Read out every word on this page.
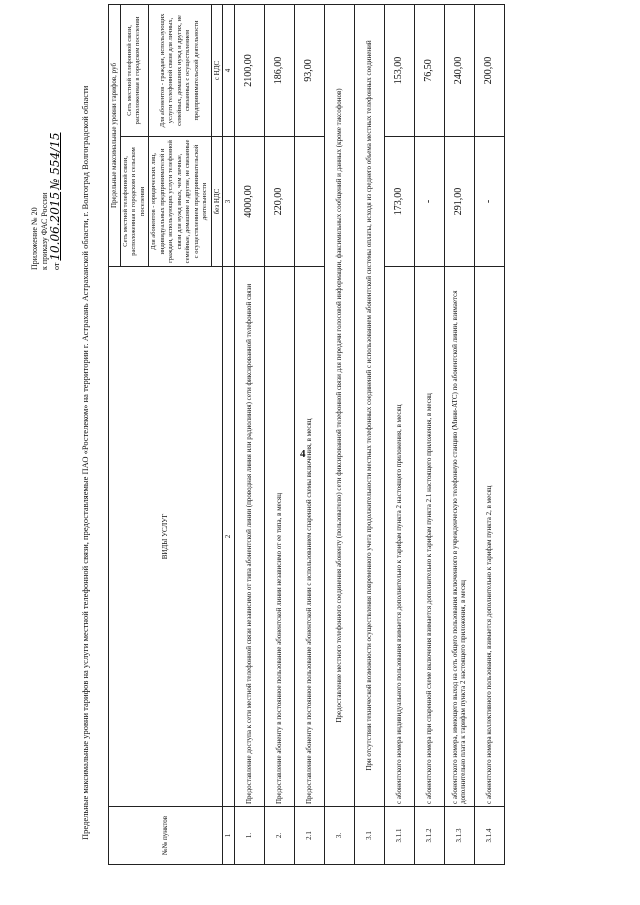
4
Приложение № 20 к приказу ФАС России от 10.06.2015 № 554/15 Предельные максимальные уровни тарифов на услуги местной телефонной связи, предоставляемые ПАО «Ростелеком» на территории г. Астрахань Астраханской области, г. Волгоград Волгоградской области	№№ пунктов	ВИДЫ УСЛУГ	Предельные максимальные уровни тарифов, руб	
		Сеть местной телефонной связи, расположенная в городском и сельском поселении	Сеть местной телефонной связи, расположенная в городском поселении
		Для абонентов - юридических лиц, индивидуальных предпринимателей и граждан, использующих услуги телефонной связи для нужд иных, чем личные, семейные, домашние и другие, не связанные с осуществлением предпринимательской деятельности	Для абонентов - граждан, использующих услуги телефонной связи для личных, семейных, домашних нужд и других, не связанных с осуществлением предпринимательской деятельности
		без НДС	с НДС
1	2	3	4
1.	Предоставление доступа к сети местной телефонной связи независимо от типа абонентской линии (проводная линия или радиолиния) сети фиксированной телефонной связи	4000,00	2100,00
2.	Предоставление абоненту в постоянное пользование абонентской линии независимо от ее типа, в месяц	220,00	186,00
2.1	Предоставление абоненту в постоянное пользование абонентской линии с использованием спаренной схемы включения, в месяц		93,00
3.	Предоставление местного телефонного соединения абоненту (пользователю) сети фиксированной телефонной связи для передачи голосовой информации, факсимильных сообщений и данных (кроме таксофонов)		
3.1	При отсутствии технической возможности осуществления повременного учета продолжительности местных телефонных соединений с использованием абонентской системы оплаты, исходя из среднего объема местных телефонных соединений		
3.1.1	с абонентского номера индивидуального пользования взимается дополнительно к тарифам пункта 2 настоящего приложения, в месяц	173,00	153,00
3.1.2	с абонентского номера при спаренной схеме включения взимается дополнительно к тарифам пункта 2.1 настоящего приложения, в месяц	-	76,50
3.1.3	с абонентского номера, имеющего выход на сеть общего пользования включенного в учрежденческую телефонную станцию (Мини-АТС) по абонентской линии, взимается дополнительно плата к тарифам пункта 2 настоящего приложения, в месяц	291,00	240,00
3.1.4	с абонентского номера коллективного пользования, взимается дополнительно к тарифам пункта 2, в месяц	-	200,00
